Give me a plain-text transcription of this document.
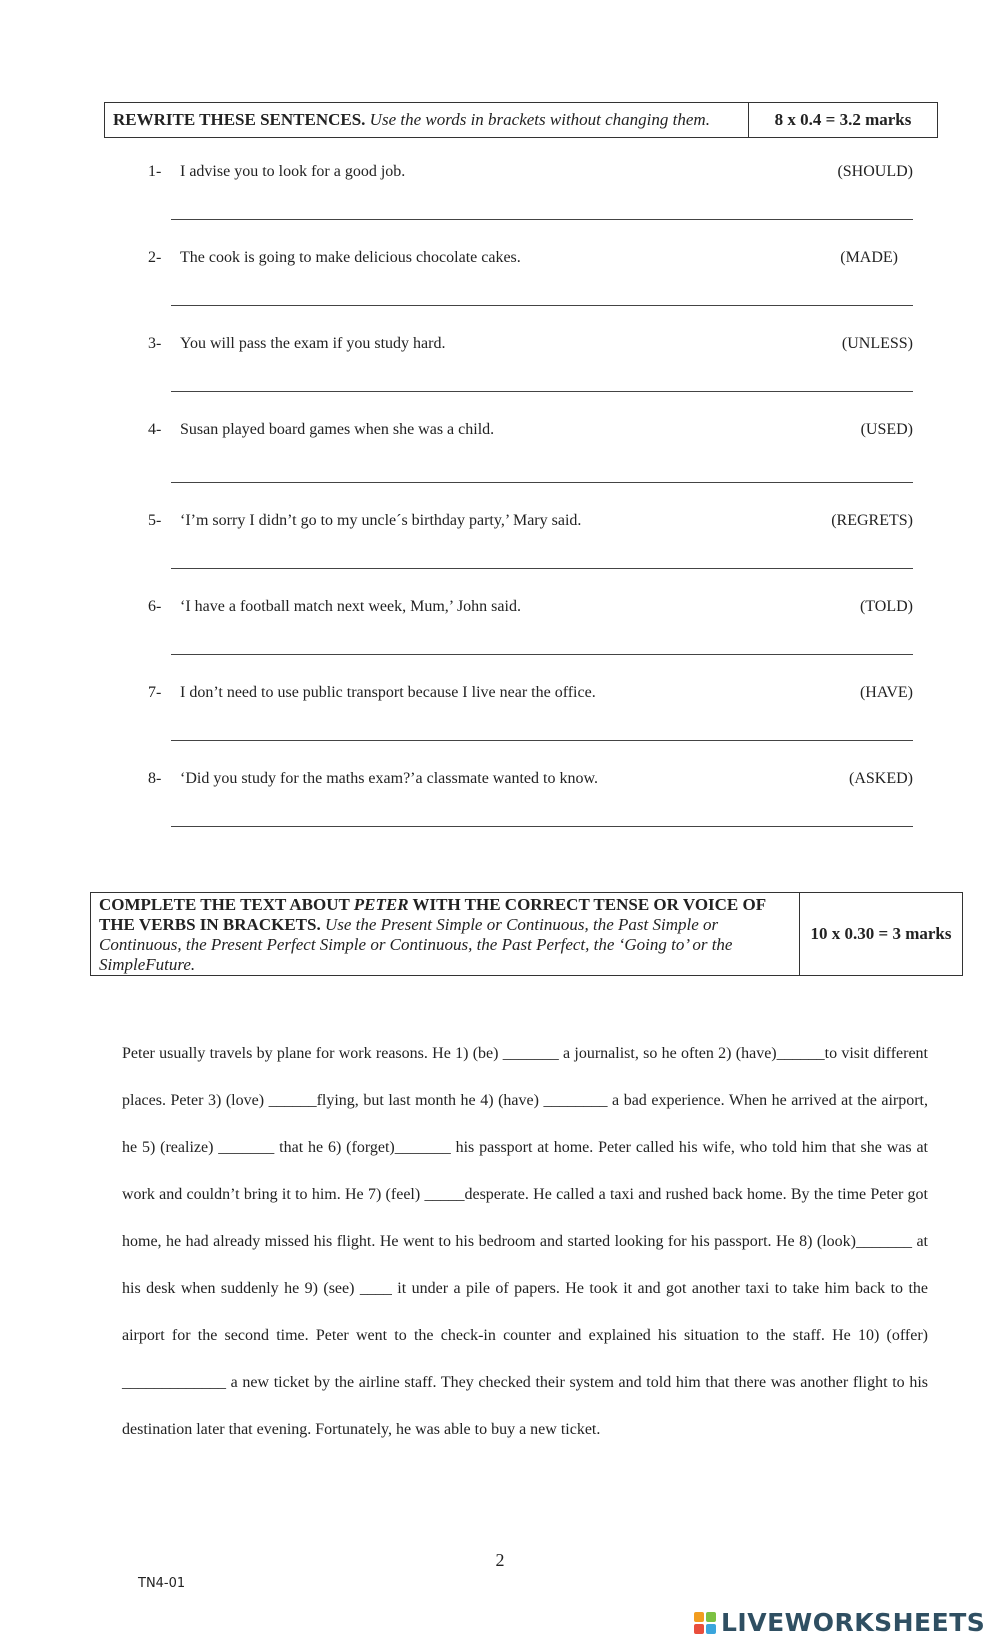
REWRITE THESE SENTENCES.
Use the words in brackets without changing them.	8 x 0.4 = 3.2 marks
1- I advise you to look for a good job.	(SHOULD)
2- The cook is going to make delicious chocolate cakes.	(MADE)
3- You will pass the exam if you study hard.	(UNLESS)
4- Susan played board games when she was a child.	(USED)
5- ‘I’m sorry I didn’t go to my uncle´s birthday party,’ Mary said.	(REGRETS)
6- ‘I have a football match next week, Mum,’ John said.	(TOLD)
7- I don’t need to use public transport because I live near the office.	(HAVE)
8- ‘Did you study for the maths exam?’a classmate wanted to know.	(ASKED)
COMPLETE THE TEXT ABOUT PETER WITH THE CORRECT TENSE OR VOICE OF THE VERBS IN BRACKETS. Use the Present Simple or Continuous, the Past Simple or Continuous, the Present Perfect Simple or Continuous, the Past Perfect, the ‘Going to’ or the SimpleFuture.
10 x 0.30 = 3 marks
Peter usually travels by plane for work reasons. He 1) (be) _______ a journalist, so he often 2) (have)______to visit different places. Peter 3) (love) ______flying, but last month he 4) (have) ________ a bad experience. When he arrived at the airport, he 5) (realize) _______ that he 6) (forget)_______ his passport at home. Peter called his wife, who told him that she was at work and couldn’t bring it to him. He 7) (feel) _____desperate. He called a taxi and rushed back home. By the time Peter got home, he had already missed his flight. He went to his bedroom and started looking for his passport. He 8) (look)_______ at his desk when suddenly he 9) (see) ____ it under a pile of papers. He took it and got another taxi to take him back to the airport for the second time. Peter went to the check-in counter and explained his situation to the staff. He 10) (offer) _____________ a new ticket by the airline staff. They checked their system and told him that there was another flight to his destination later that evening. Fortunately, he was able to buy a new ticket.
2
TN4-01
LIVEWORKSHEETS
